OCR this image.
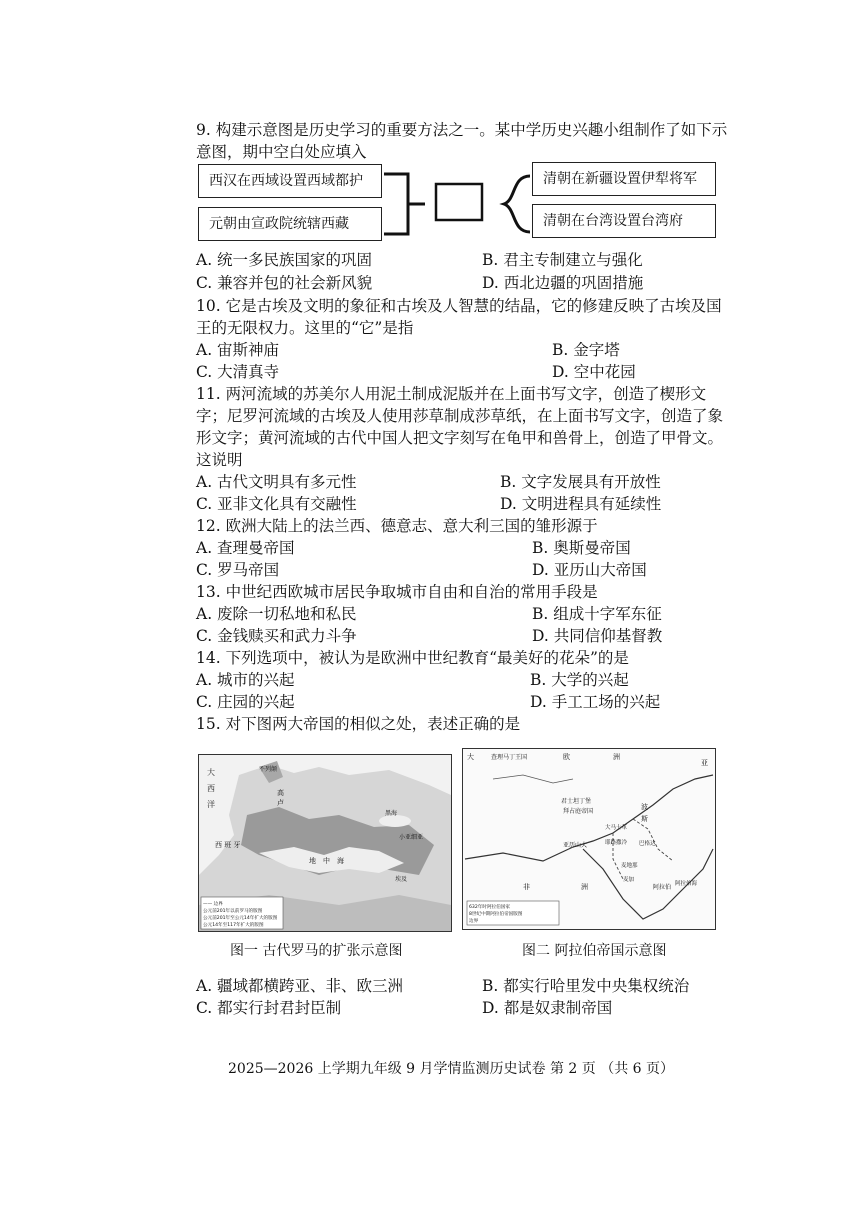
9. 构建示意图是历史学习的重要方法之一。某中学历史兴趣小组制作了如下示
意图，期中空白处应填入
西汉在西域设置西域都护
元朝由宣政院统辖西藏
清朝在新疆设置伊犁将军
清朝在台湾设置台湾府
A. 统一多民族国家的巩固	B. 君主专制建立与强化
C. 兼容并包的社会新风貌	D. 西北边疆的巩固措施
10. 它是古埃及文明的象征和古埃及人智慧的结晶，它的修建反映了古埃及国
王的无限权力。这里的“它”是指
A. 宙斯神庙	B. 金字塔
C. 大清真寺	D. 空中花园
11. 两河流域的苏美尔人用泥土制成泥版并在上面书写文字，创造了楔形文
字；尼罗河流域的古埃及人使用莎草制成莎草纸，在上面书写文字，创造了象
形文字；黄河流域的古代中国人把文字刻写在龟甲和兽骨上，创造了甲骨文。
这说明
A. 古代文明具有多元性	B. 文字发展具有开放性
C. 亚非文化具有交融性	D. 文明进程具有延续性
12. 欧洲大陆上的法兰西、德意志、意大利三国的雏形源于
A. 查理曼帝国	B. 奥斯曼帝国
C. 罗马帝国	D. 亚历山大帝国
13. 中世纪西欧城市居民争取城市自由和自治的常用手段是
A. 废除一切私地和私民	B. 组成十字军东征
C. 金钱赎买和武力斗争	D. 共同信仰基督教
14. 下列选项中，被认为是欧洲中世纪教育“最美好的花朵”的是
A. 城市的兴起	B. 大学的兴起
C. 庄园的兴起	D. 手工工场的兴起
15. 对下图两大帝国的相似之处，表述正确的是
大
西
洋
西 班 牙
高
卢
不列颠
地 中 海
埃及
黑海
小亚细亚
—— 边界
公元前201年以前罗马的版图
公元前201年至公元14年扩大的版图
公元14年至117年扩大的版图
图一 古代罗马的扩张示意图
大	查理马丁王国	欧	洲
君士坦丁堡
拜占庭帝国
亚历山大
非	洲
大马士革
耶路撒冷
麦加
阿拉伯
波
斯
巴格达
麦地那
阿拉伯海
亚
632年时阿拉伯国家
8世纪中期阿拉伯帝国版图
边界
图二 阿拉伯帝国示意图
A. 疆域都横跨亚、非、欧三洲	B. 都实行哈里发中央集权统治
C. 都实行封君封臣制	D. 都是奴隶制帝国
2025—2026 上学期九年级 9 月学情监测历史试卷 第 2 页 （共 6 页）
